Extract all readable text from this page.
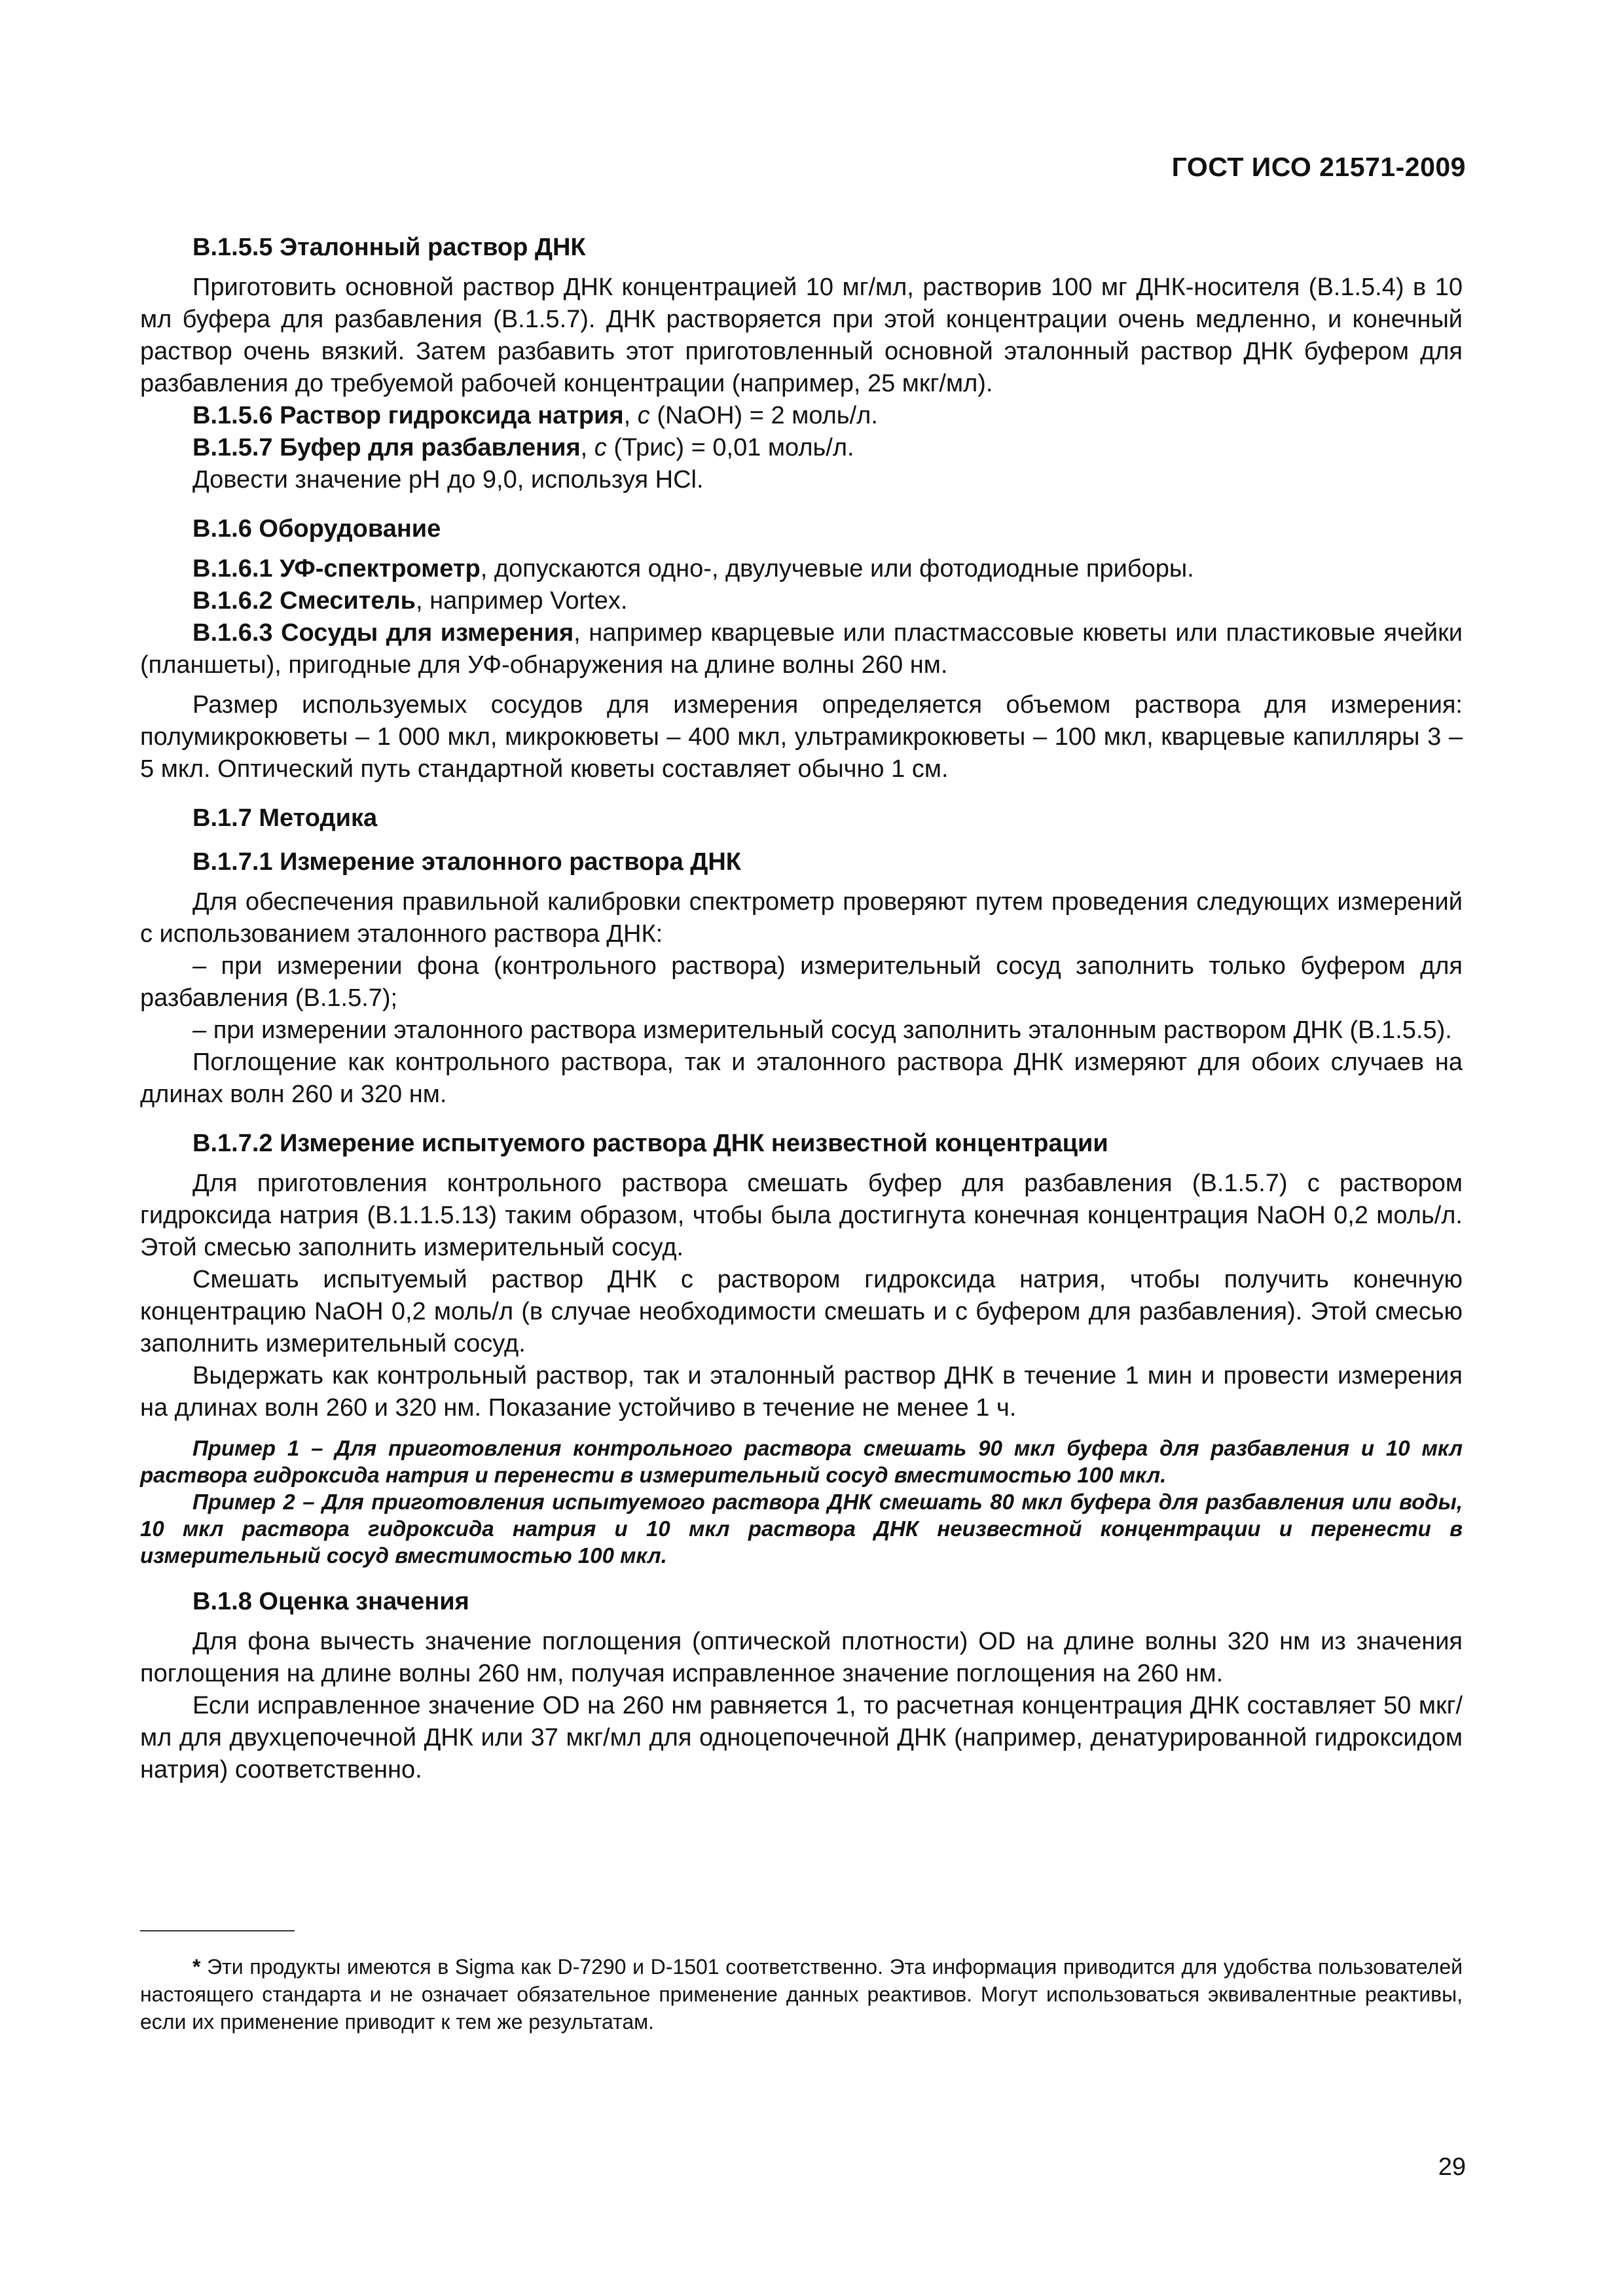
ГОСТ ИСО 21571-2009

В.1.5.5 Эталонный раствор ДНК

Приготовить основной раствор ДНК концентрацией 10 мг/мл, растворив 100 мг ДНК-носителя (В.1.5.4) в 10 мл буфера для разбавления (В.1.5.7). ДНК растворяется при этой концентрации очень медленно, и конечный раствор очень вязкий. Затем разбавить этот приготовленный основной эталонный раствор ДНК буфером для разбавления до требуемой рабочей концентрации (например, 25 мкг/мл).

В.1.5.6 Раствор гидроксида натрия, с (NaOH) = 2 моль/л.

В.1.5.7 Буфер для разбавления, с (Трис) = 0,01 моль/л.

Довести значение pH до 9,0, используя HCl.

В.1.6 Оборудование

В.1.6.1 УФ-спектрометр, допускаются одно-, двулучевые или фотодиодные приборы.

В.1.6.2 Смеситель, например Vortex.

В.1.6.3 Сосуды для измерения, например кварцевые или пластмассовые кюветы или пластиковые ячейки (планшеты), пригодные для УФ-обнаружения на длине волны 260 нм.

Размер используемых сосудов для измерения определяется объемом раствора для измерения: полумикрокюветы – 1 000 мкл, микрокюветы – 400 мкл, ультрамикрокюветы – 100 мкл, кварцевые капилляры 3 – 5 мкл. Оптический путь стандартной кюветы составляет обычно 1 см.

В.1.7 Методика

В.1.7.1 Измерение эталонного раствора ДНК

Для обеспечения правильной калибровки спектрометр проверяют путем проведения следующих измерений с использованием эталонного раствора ДНК:

– при измерении фона (контрольного раствора) измерительный сосуд заполнить только буфером для разбавления (В.1.5.7);

– при измерении эталонного раствора измерительный сосуд заполнить эталонным раствором ДНК (В.1.5.5).

Поглощение как контрольного раствора, так и эталонного раствора ДНК измеряют для обоих случаев на длинах волн 260 и 320 нм.

В.1.7.2 Измерение испытуемого раствора ДНК неизвестной концентрации

Для приготовления контрольного раствора смешать буфер для разбавления (В.1.5.7) с раствором гидроксида натрия (В.1.1.5.13) таким образом, чтобы была достигнута конечная концентрация NaOH 0,2 моль/л. Этой смесью заполнить измерительный сосуд.

Смешать испытуемый раствор ДНК с раствором гидроксида натрия, чтобы получить конечную концентрацию NaOH 0,2 моль/л (в случае необходимости смешать и с буфером для разбавления). Этой смесью заполнить измерительный сосуд.

Выдержать как контрольный раствор, так и эталонный раствор ДНК в течение 1 мин и провести измерения на длинах волн 260 и 320 нм. Показание устойчиво в течение не менее 1 ч.

Пример 1 – Для приготовления контрольного раствора смешать 90 мкл буфера для разбавления и 10 мкл раствора гидроксида натрия и перенести в измерительный сосуд вместимостью 100 мкл.

Пример 2 – Для приготовления испытуемого раствора ДНК смешать 80 мкл буфера для разбавления или воды, 10 мкл раствора гидроксида натрия и 10 мкл раствора ДНК неизвестной концентрации и перенести в измерительный сосуд вместимостью 100 мкл.

В.1.8 Оценка значения

Для фона вычесть значение поглощения (оптической плотности) OD на длине волны 320 нм из значения поглощения на длине волны 260 нм, получая исправленное значение поглощения на 260 нм.

Если исправленное значение OD на 260 нм равняется 1, то расчетная концентрация ДНК составляет 50 мкг/мл для двухцепочечной ДНК или 37 мкг/мл для одноцепочечной ДНК (например, денатурированной гидроксидом натрия) соответственно.

* Эти продукты имеются в Sigma как D-7290 и D-1501 соответственно. Эта информация приводится для удобства пользователей настоящего стандарта и не означает обязательное применение данных реактивов. Могут использоваться эквивалентные реактивы, если их применение приводит к тем же результатам.

29
